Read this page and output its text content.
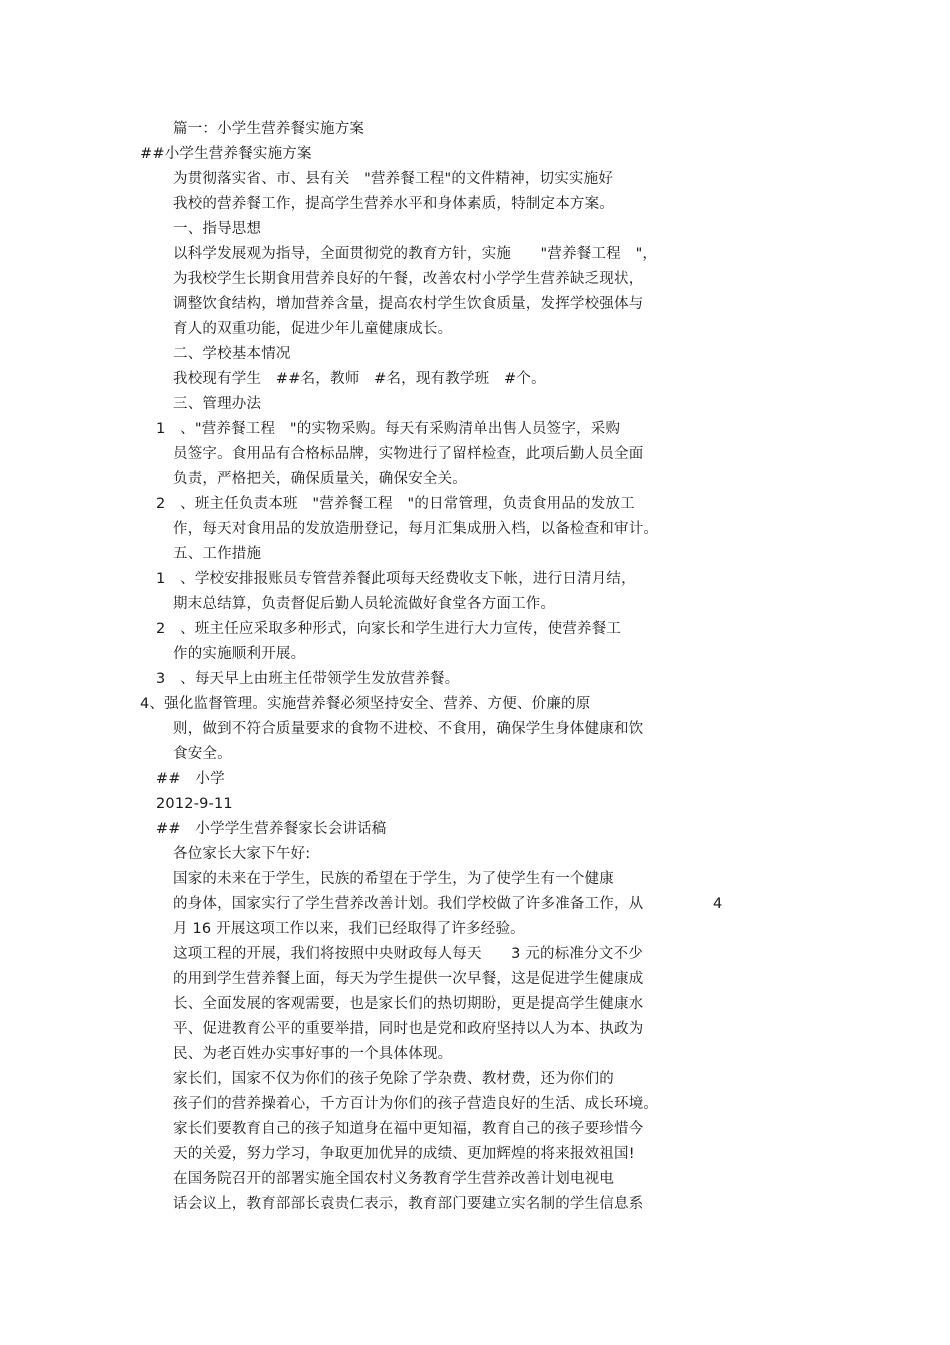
篇一：小学生营养餐实施方案
##小学生营养餐实施方案
为贯彻落实省、市、县有关　"营养餐工程"的文件精神，切实实施好
我校的营养餐工作，提高学生营养水平和身体素质，特制定本方案。
一、指导思想
以科学发展观为指导，全面贯彻党的教育方针，实施　　"营养餐工程　"，
为我校学生长期食用营养良好的午餐，改善农村小学学生营养缺乏现状，
调整饮食结构，增加营养含量，提高农村学生饮食质量，发挥学校强体与
育人的双重功能，促进少年儿童健康成长。
二、学校基本情况
我校现有学生　##名，教师　#名，现有教学班　#个。
三、管理办法
1　、"营养餐工程　"的实物采购。每天有采购清单出售人员签字，采购
员签字。食用品有合格标品牌，实物进行了留样检查，此项后勤人员全面
负责，严格把关，确保质量关，确保安全关。
2　、班主任负责本班　"营养餐工程　"的日常管理，负责食用品的发放工
作，每天对食用品的发放造册登记，每月汇集成册入档，以备检查和审计。
五、工作措施
1　、学校安排报账员专管营养餐此项每天经费收支下帐，进行日清月结，
期末总结算，负责督促后勤人员轮流做好食堂各方面工作。
2　、班主任应采取多种形式，向家长和学生进行大力宣传，使营养餐工
作的实施顺利开展。
3　、每天早上由班主任带领学生发放营养餐。
4、强化监督管理。实施营养餐必须坚持安全、营养、方便、价廉的原
则，做到不符合质量要求的食物不进校、不食用，确保学生身体健康和饮
食安全。
##　小学
2012-9-11
##　小学学生营养餐家长会讲话稿
各位家长大家下午好:
国家的未来在于学生，民族的希望在于学生，为了使学生有一个健康
的身体，国家实行了学生营养改善计划。我们学校做了许多准备工作，从	4
月 16 开展这项工作以来，我们已经取得了许多经验。
这项工程的开展，我们将按照中央财政每人每天　　3 元的标准分文不少
的用到学生营养餐上面，每天为学生提供一次早餐，这是促进学生健康成
长、全面发展的客观需要，也是家长们的热切期盼，更是提高学生健康水
平、促进教育公平的重要举措，同时也是党和政府坚持以人为本、执政为
民、为老百姓办实事好事的一个具体体现。
家长们，国家不仅为你们的孩子免除了学杂费、教材费，还为你们的
孩子们的营养操着心，千方百计为你们的孩子营造良好的生活、成长环境。
家长们要教育自己的孩子知道身在福中更知福，教育自己的孩子要珍惜今
天的关爱，努力学习，争取更加优异的成绩、更加辉煌的将来报效祖国!
在国务院召开的部署实施全国农村义务教育学生营养改善计划电视电
话会议上，教育部部长袁贵仁表示，教育部门要建立实名制的学生信息系
